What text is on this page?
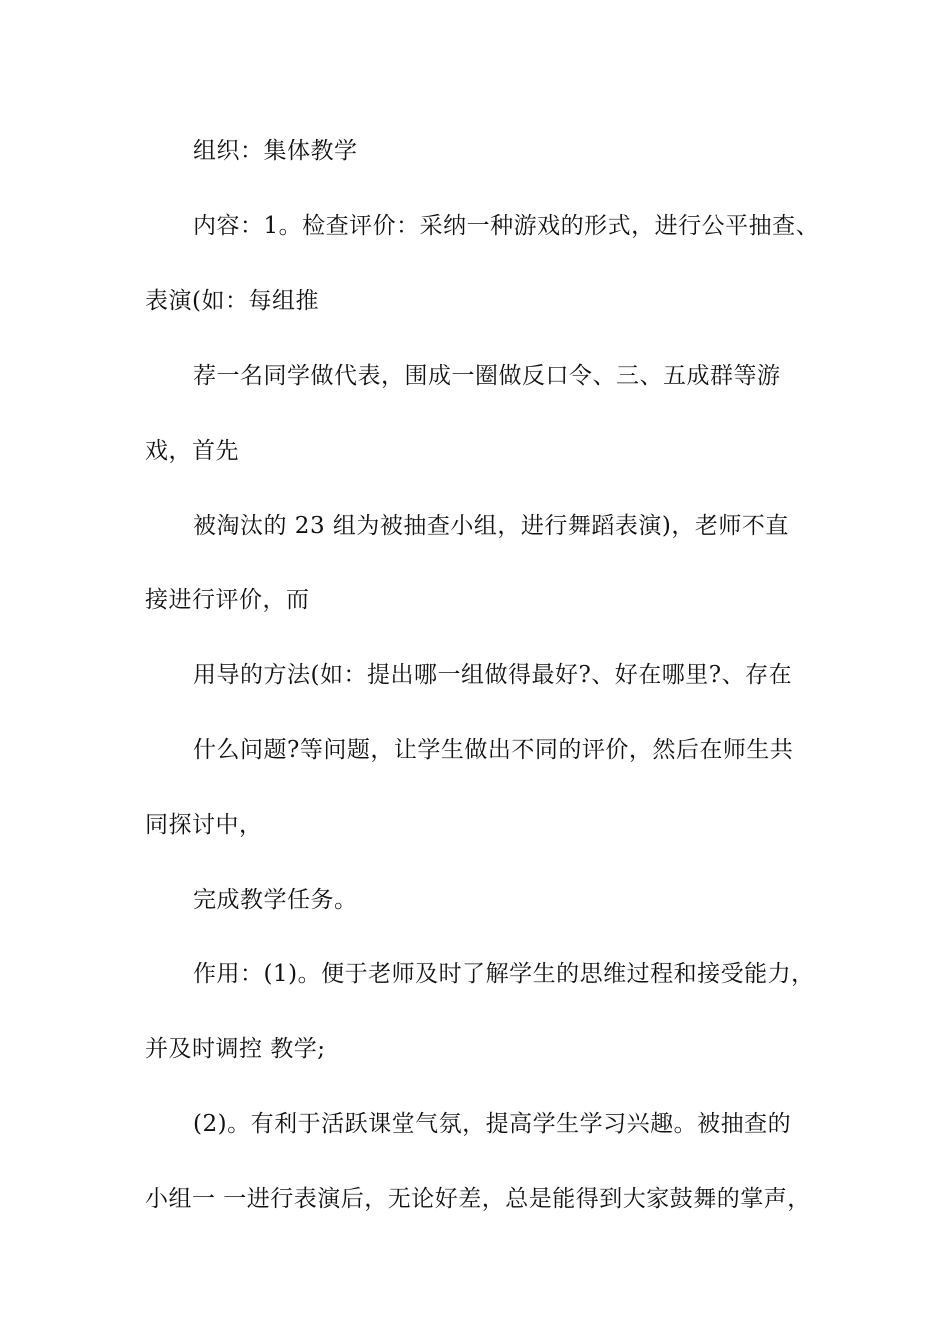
组织：集体教学

内容：1。检查评价：采纳一种游戏的形式，进行公平抽查、

表演(如：每组推

荐一名同学做代表，围成一圈做反口令、三、五成群等游

戏，首先

被淘汰的 23 组为被抽查小组，进行舞蹈表演)，老师不直

接进行评价，而

用导的方法(如：提出哪一组做得最好?、好在哪里?、存在

什么问题?等问题，让学生做出不同的评价，然后在师生共

同探讨中，

完成教学任务。

作用：(1)。便于老师及时了解学生的思维过程和接受能力，

并及时调控 教学;

(2)。有利于活跃课堂气氛，提高学生学习兴趣。被抽查的

小组一 一进行表演后，无论好差，总是能得到大家鼓舞的掌声，
